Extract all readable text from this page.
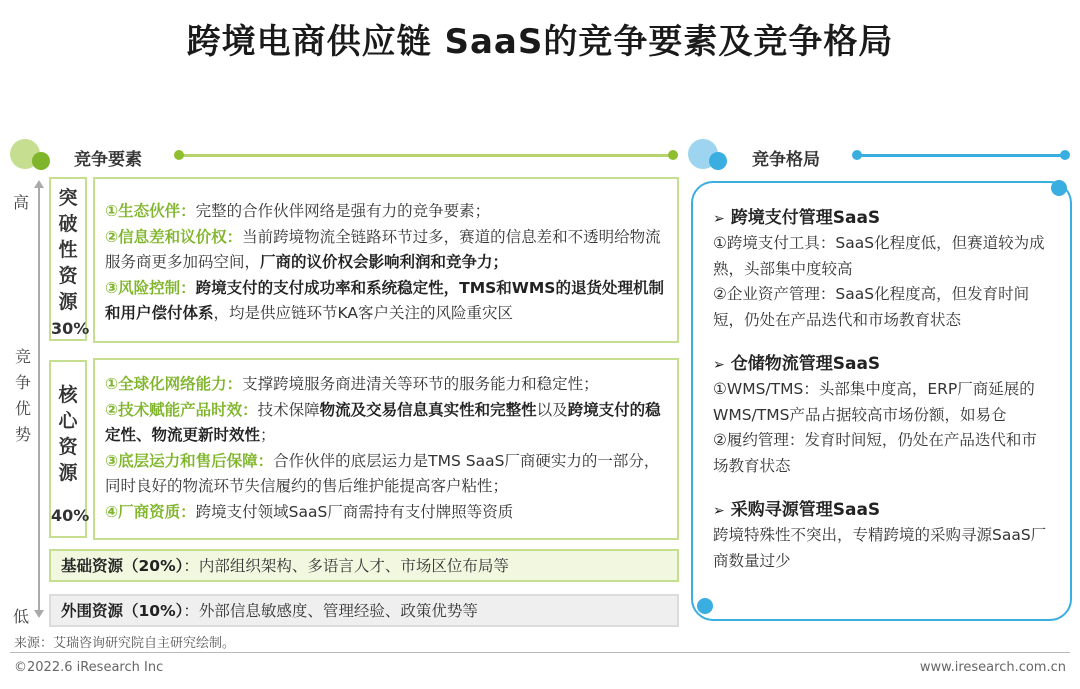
跨境电商供应链 SaaS的竞争要素及竞争格局
竞争要素	竞争格局
高
竞
争
优
势
低
突
破
性
资
源
30%

①生态伙伴：完整的合作伙伴网络是强有力的竞争要素；

②信息差和议价权：当前跨境物流全链路环节过多，赛道的信息差和不透明给物流服务商更多加码空间，厂商的议价权会影响利润和竞争力；

③风险控制：跨境支付的支付成功率和系统稳定性，TMS和WMS的退货处理机制和用户偿付体系，均是供应链环节KA客户关注的风险重灾区

核
心
资
源
40%

①全球化网络能力：支撑跨境服务商进清关等环节的服务能力和稳定性；

②技术赋能产品时效：技术保障物流及交易信息真实性和完整性以及跨境支付的稳定性、物流更新时效性；

③底层运力和售后保障：合作伙伴的底层运力是TMS SaaS厂商硬实力的一部分，同时良好的物流环节失信履约的售后维护能提高客户粘性；

④厂商资质：跨境支付领域SaaS厂商需持有支付牌照等资质

基础资源（20%）：内部组织架构、多语言人才、市场区位布局等
外围资源（10%）：外部信息敏感度、管理经验、政策优势等
➢ 跨境支付管理SaaS
①跨境支付工具：SaaS化程度低，但赛道较为成熟，头部集中度较高
②企业资产管理：SaaS化程度高，但发育时间短，仍处在产品迭代和市场教育状态
➢ 仓储物流管理SaaS
①WMS/TMS：头部集中度高，ERP厂商延展的WMS/TMS产品占据较高市场份额，如易仓
②履约管理：发育时间短，仍处在产品迭代和市场教育状态
➢ 采购寻源管理SaaS
跨境特殊性不突出，专精跨境的采购寻源SaaS厂商数量过少
来源：艾瑞咨询研究院自主研究绘制。
©2022.6 iResearch Inc	www.iresearch.com.cn
